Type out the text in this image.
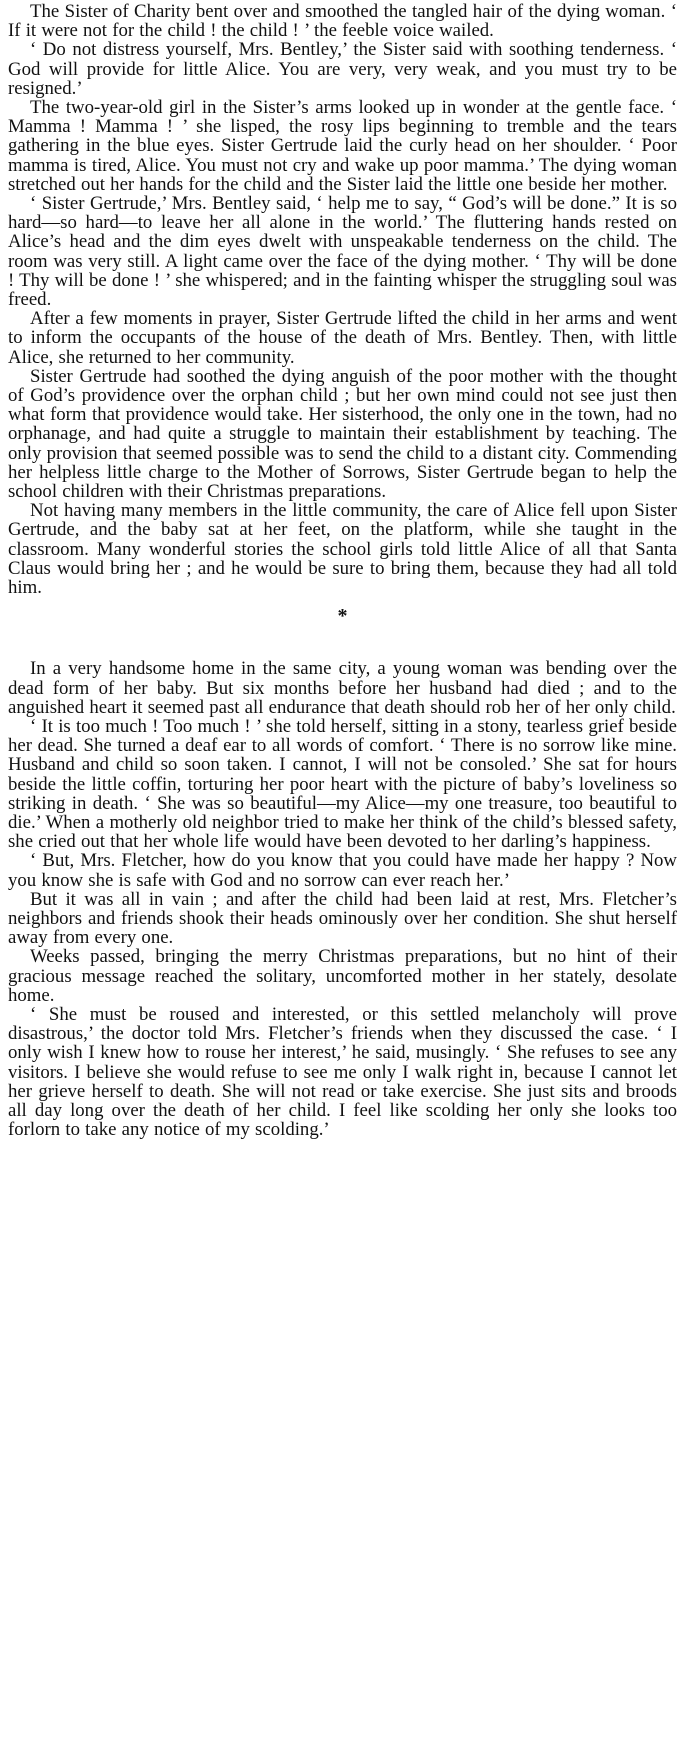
The Sister of Charity bent over and smoothed the tangled hair of the dying woman. ‘ If it were not for the child ! the child ! ’ the feeble voice wailed.

‘ Do not distress yourself, Mrs. Bentley,’ the Sister said with soothing tenderness. ‘ God will provide for little Alice. You are very, very weak, and you must try to be resigned.’

The two-year-old girl in the Sister’s arms looked up in wonder at the gentle face. ‘ Mamma ! Mamma ! ’ she lisped, the rosy lips beginning to tremble and the tears gathering in the blue eyes. Sister Gertrude laid the curly head on her shoulder. ‘ Poor mamma is tired, Alice. You must not cry and wake up poor mamma.’ The dying woman stretched out her hands for the child and the Sister laid the little one beside her mother.

‘ Sister Gertrude,’ Mrs. Bentley said, ‘ help me to say, “ God’s will be done.” It is so hard—so hard—to leave her all alone in the world.’ The fluttering hands rested on Alice’s head and the dim eyes dwelt with unspeakable tenderness on the child. The room was very still. A light came over the face of the dying mother. ‘ Thy will be done ! Thy will be done ! ’ she whispered; and in the fainting whisper the struggling soul was freed.

After a few moments in prayer, Sister Gertrude lifted the child in her arms and went to inform the occupants of the house of the death of Mrs. Bentley. Then, with little Alice, she returned to her community.

Sister Gertrude had soothed the dying anguish of the poor mother with the thought of God’s providence over the orphan child ; but her own mind could not see just then what form that providence would take. Her sisterhood, the only one in the town, had no orphanage, and had quite a struggle to maintain their establishment by teaching. The only provision that seemed possible was to send the child to a distant city. Commending her helpless little charge to the Mother of Sorrows, Sister Gertrude began to help the school children with their Christmas preparations.

Not having many members in the little community, the care of Alice fell upon Sister Gertrude, and the baby sat at her feet, on the platform, while she taught in the classroom. Many wonderful stories the school girls told little Alice of all that Santa Claus would bring her ; and he would be sure to bring them, because they had all told him.

*

In a very handsome home in the same city, a young woman was bending over the dead form of her baby. But six months before her husband had died ; and to the anguished heart it seemed past all endurance that death should rob her of her only child.

‘ It is too much ! Too much ! ’ she told herself, sitting in a stony, tearless grief beside her dead. She turned a deaf ear to all words of comfort. ‘ There is no sorrow like mine. Husband and child so soon taken. I cannot, I will not be consoled.’ She sat for hours beside the little coffin, torturing her poor heart with the picture of baby’s loveliness so striking in death. ‘ She was so beautiful—my Alice—my one treasure, too beautiful to die.’ When a motherly old neighbor tried to make her think of the child’s blessed safety, she cried out that her whole life would have been devoted to her darling’s happiness.

‘ But, Mrs. Fletcher, how do you know that you could have made her happy ? Now you know she is safe with God and no sorrow can ever reach her.’

But it was all in vain ; and after the child had been laid at rest, Mrs. Fletcher’s neighbors and friends shook their heads ominously over her condition. She shut herself away from every one.

Weeks passed, bringing the merry Christmas preparations, but no hint of their gracious message reached the solitary, uncomforted mother in her stately, desolate home.

‘ She must be roused and interested, or this settled melancholy will prove disastrous,’ the doctor told Mrs. Fletcher’s friends when they discussed the case. ‘ I only wish I knew how to rouse her interest,’ he said, musingly. ‘ She refuses to see any visitors. I believe she would refuse to see me only I walk right in, because I cannot let her grieve herself to death. She will not read or take exercise. She just sits and broods all day long over the death of her child. I feel like scolding her only she looks too forlorn to take any notice of my scolding.’
